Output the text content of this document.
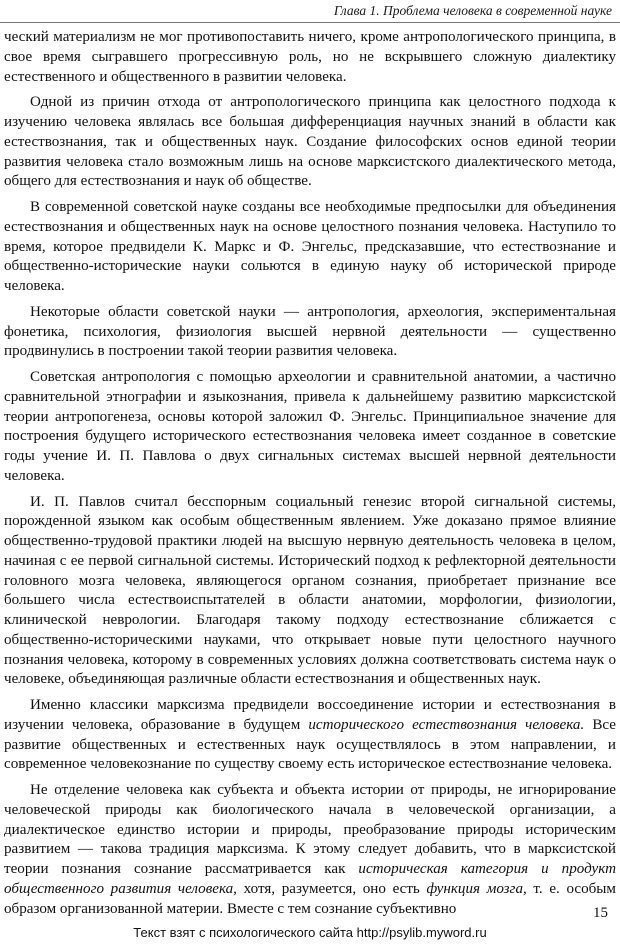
Глава 1. Проблема человека в современной науке

ческий материализм не мог противопоставить ничего, кроме антропологического принципа, в свое время сыгравшего прогрессивную роль, но не вскрывшего сложную диалектику естественного и общественного в развитии человека.

Одной из причин отхода от антропологического принципа как целостного подхода к изучению человека являлась все большая дифференциация научных знаний в области как естествознания, так и общественных наук. Создание философских основ единой теории развития человека стало возможным лишь на основе марксистского диалектического метода, общего для естествознания и наук об обществе.

В современной советской науке созданы все необходимые предпосылки для объединения естествознания и общественных наук на основе целостного познания человека. Наступило то время, которое предвидели К. Маркс и Ф. Энгельс, предсказавшие, что естествознание и общественно-исторические науки сольются в единую науку об исторической природе человека.

Некоторые области советской науки — антропология, археология, экспериментальная фонетика, психология, физиология высшей нервной деятельности — существенно продвинулись в построении такой теории развития человека.

Советская антропология с помощью археологии и сравнительной анатомии, а частично сравнительной этнографии и языкознания, привела к дальнейшему развитию марксистской теории антропогенеза, основы которой заложил Ф. Энгельс. Принципиальное значение для построения будущего исторического естествознания человека имеет созданное в советские годы учение И. П. Павлова о двух сигнальных системах высшей нервной деятельности человека.

И. П. Павлов считал бесспорным социальный генезис второй сигнальной системы, порожденной языком как особым общественным явлением. Уже доказано прямое влияние общественно-трудовой практики людей на высшую нервную деятельность человека в целом, начиная с ее первой сигнальной системы. Исторический подход к рефлекторной деятельности головного мозга человека, являющегося органом сознания, приобретает признание все большего числа естествоиспытателей в области анатомии, морфологии, физиологии, клинической неврологии. Благодаря такому подходу естествознание сближается с общественно-историческими науками, что открывает новые пути целостного научного познания человека, которому в современных условиях должна соответствовать система наук о человеке, объединяющая различные области естествознания и общественных наук.

Именно классики марксизма предвидели воссоединение истории и естествознания в изучении человека, образование в будущем исторического естествознания человека. Все развитие общественных и естественных наук осуществлялось в этом направлении, и современное человекознание по существу своему есть историческое естествознание человека.

Не отделение человека как субъекта и объекта истории от природы, не игнорирование человеческой природы как биологического начала в человеческой организации, а диалектическое единство истории и природы, преобразование природы историческим развитием — такова традиция марксизма. К этому следует добавить, что в марксистской теории познания сознание рассматривается как историческая категория и продукт общественного развития человека, хотя, разумеется, оно есть функция мозга, т. е. особым образом организованной материи. Вместе с тем сознание субъективно	15
Текст взят с психологического сайта http://psylib.myword.ru
